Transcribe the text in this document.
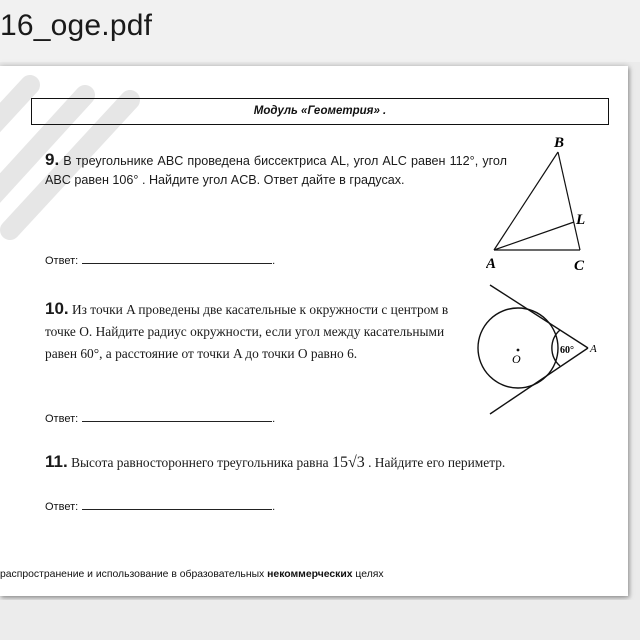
16_oge.pdf
Модуль «Геометрия» .
9. В треугольнике ABC проведена биссектриса AL, угол ALC равен 112°, угол ABC равен 106° . Найдите угол ACB. Ответ дайте в градусах.
B
L
A	C
Ответ:	.
10. Из точки A проведены две касательные к окружности с центром в точке O. Найдите радиус окружности, если угол между касательными равен 60°, а расстояние от точки A до точки O равно 6.	60° A
O
Ответ:	.
11. Высота равностороннего треугольника равна 15√3 . Найдите его периметр.
Ответ:	.
распространение и использование в образовательных некоммерческих целях
